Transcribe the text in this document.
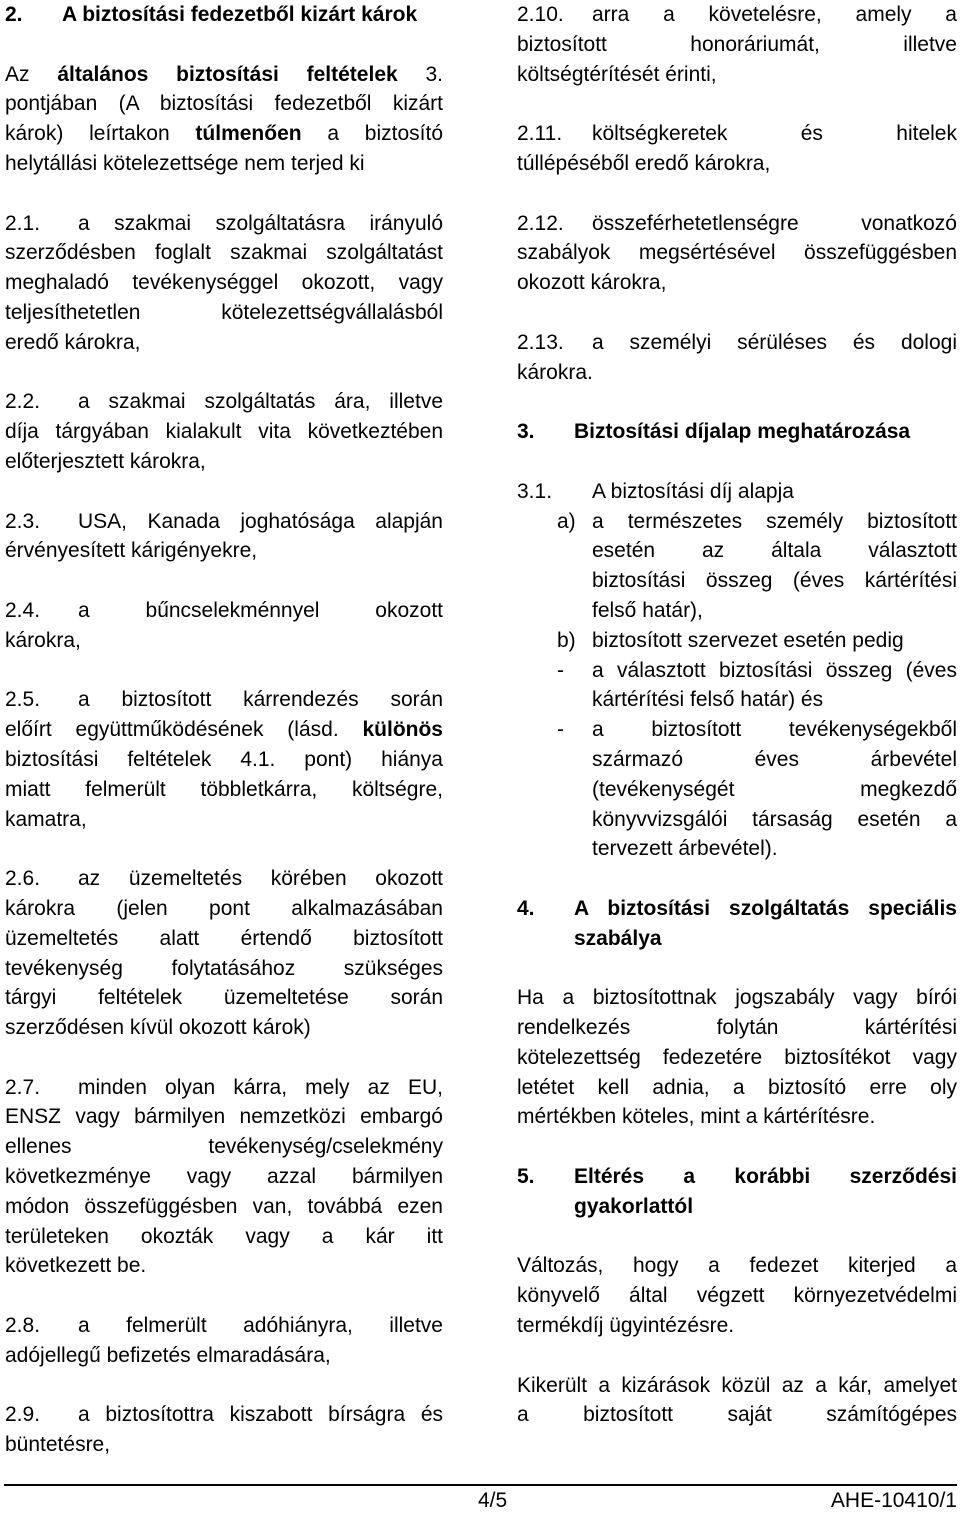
2. A biztosítási fedezetből kizárt károk
Az általános biztosítási feltételek 3.
pontjában (A biztosítási fedezetből kizárt
károk) leírtakon túlmenően a biztosító
helytállási kötelezettsége nem terjed ki
2.1. a szakmai szolgáltatásra irányuló
szerződésben foglalt szakmai szolgáltatást
meghaladó tevékenységgel okozott, vagy
teljesíthetetlen kötelezettségvállalásból
eredő károkra,
2.2. a szakmai szolgáltatás ára, illetve
díja tárgyában kialakult vita következtében
előterjesztett károkra,
2.3. USA, Kanada joghatósága alapján
érvényesített kárigényekre,
2.4. a bűncselekménnyel okozott
károkra,
2.5. a biztosított kárrendezés során
előírt együttműködésének (lásd. különös
biztosítási feltételek 4.1. pont) hiánya
miatt felmerült többletkárra, költségre,
kamatra,
2.6. az üzemeltetés körében okozott
károkra (jelen pont alkalmazásában
üzemeltetés alatt értendő biztosított
tevékenység folytatásához szükséges
tárgyi feltételek üzemeltetése során
szerződésen kívül okozott károk)
2.7. minden olyan kárra, mely az EU,
ENSZ vagy bármilyen nemzetközi embargó
ellenes tevékenység/cselekmény
következménye vagy azzal bármilyen
módon összefüggésben van, továbbá ezen
területeken okozták vagy a kár itt
következett be.
2.8. a felmerült adóhiányra, illetve
adójellegű befizetés elmaradására,
2.9. a biztosítottra kiszabott bírságra és
büntetésre,
2.10. arra a követelésre, amely a
biztosított honoráriumát, illetve
költségtérítését érinti,
2.11. költségkeretek és hitelek
túllépéséből eredő károkra,
2.12. összeférhetetlenségre vonatkozó
szabályok megsértésével összefüggésben
okozott károkra,
2.13. a személyi sérüléses és dologi
károkra.
3. Biztosítási díjalap meghatározása
3.1. A biztosítási díj alapja
a) a természetes személy biztosított
esetén az általa választott
biztosítási összeg (éves kártérítési
felső határ),
b) biztosított szervezet esetén pedig
- a választott biztosítási összeg (éves
kártérítési felső határ) és
- a biztosított tevékenységekből
származó éves árbevétel
(tevékenységét megkezdő
könyvvizsgálói társaság esetén a
tervezett árbevétel).
4. A biztosítási szolgáltatás speciális
szabálya
Ha a biztosítottnak jogszabály vagy bírói
rendelkezés folytán kártérítési
kötelezettség fedezetére biztosítékot vagy
letétet kell adnia, a biztosító erre oly
mértékben köteles, mint a kártérítésre.
5. Eltérés a korábbi szerződési
gyakorlattól
Változás, hogy a fedezet kiterjed a
könyvelő által végzett környezetvédelmi
termékdíj ügyintézésre.
Kikerült a kizárások közül az a kár, amelyet
a biztosított saját számítógépes
4/5	AHE-10410/1
